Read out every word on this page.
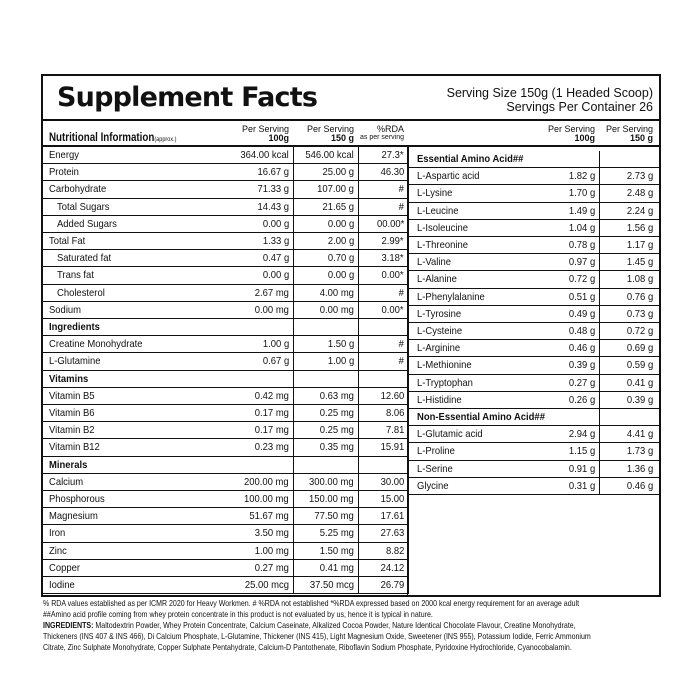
Supplement Facts	Serving Size 150g (1 Headed Scoop)
Servings Per Container 26
Nutritional Information(approx.)
Per Serving
100g
Per Serving
150 g
%RDA
as per serving
Per Serving
100g
Per Serving
150 g
Energy	364.00 kcal 546.00 kcal	27.3*
Protein	16.67 g	25.00 g	46.30
Carbohydrate	71.33 g	107.00 g	#
Total Sugars	14.43 g	21.65 g	#
Added Sugars	0.00 g	0.00 g 00.00*
Total Fat	1.33 g	2.00 g	2.99*
Saturated fat	0.47 g	0.70 g	3.18*
Trans fat	0.00 g	0.00 g	0.00*
Cholesterol	2.67 mg	4.00 mg	#
Sodium	0.00 mg	0.00 mg	0.00*
Ingredients
Creatine Monohydrate	1.00 g	1.50 g	#
L-Glutamine	0.67 g	1.00 g	#
Vitamins
Vitamin B5	0.42 mg	0.63 mg	12.60
Vitamin B6	0.17 mg	0.25 mg	8.06
Vitamin B2	0.17 mg	0.25 mg	7.81
Vitamin B12	0.23 mg	0.35 mg	15.91
Minerals
Calcium	200.00 mg 300.00 mg	30.00
Phosphorous	100.00 mg 150.00 mg	15.00
Magnesium	51.67 mg 77.50 mg	17.61
Iron	3.50 mg	5.25 mg	27.63
Zinc	1.00 mg	1.50 mg	8.82
Copper	0.27 mg	0.41 mg	24.12
Iodine	25.00 mcg 37.50 mcg	26.79
Essential Amino Acid##
L-Aspartic acid	1.82 g	2.73 g
L-Lysine	1.70 g	2.48 g
L-Leucine	1.49 g	2.24 g
L-Isoleucine	1.04 g	1.56 g
L-Threonine	0.78 g	1.17 g
L-Valine	0.97 g	1.45 g
L-Alanine	0.72 g	1.08 g
L-Phenylalanine	0.51 g	0.76 g
L-Tyrosine	0.49 g	0.73 g
L-Cysteine	0.48 g	0.72 g
L-Arginine	0.46 g	0.69 g
L-Methionine	0.39 g	0.59 g
L-Tryptophan	0.27 g	0.41 g
L-Histidine	0.26 g	0.39 g
Non-Essential Amino Acid##
L-Glutamic acid	2.94 g	4.41 g
L-Proline	1.15 g	1.73 g
L-Serine	0.91 g	1.36 g
Glycine	0.31 g	0.46 g
% RDA values established as per ICMR 2020 for Heavy Workmen. # %RDA not established *%RDA expressed based on 2000 kcal energy requirement for an average adult
##Amino acid profile coming from whey protein concentrate in this product is not evaluated by us, hence it is typical in nature.
INGREDIENTS: Maltodextrin Powder, Whey Protein Concentrate, Calcium Caseinate, Alkalized Cocoa Powder, Nature Identical Chocolate Flavour, Creatine Monohydrate,
Thickeners (INS 407 & INS 466), Di Calcium Phosphate, L-Glutamine, Thickener (INS 415), Light Magnesium Oxide, Sweetener (INS 955), Potassium Iodide, Ferric Ammonium
Citrate, Zinc Sulphate Monohydrate, Copper Sulphate Pentahydrate, Calcium-D Pantothenate, Riboflavin Sodium Phosphate, Pyridoxine Hydrochloride, Cyanocobalamin.
